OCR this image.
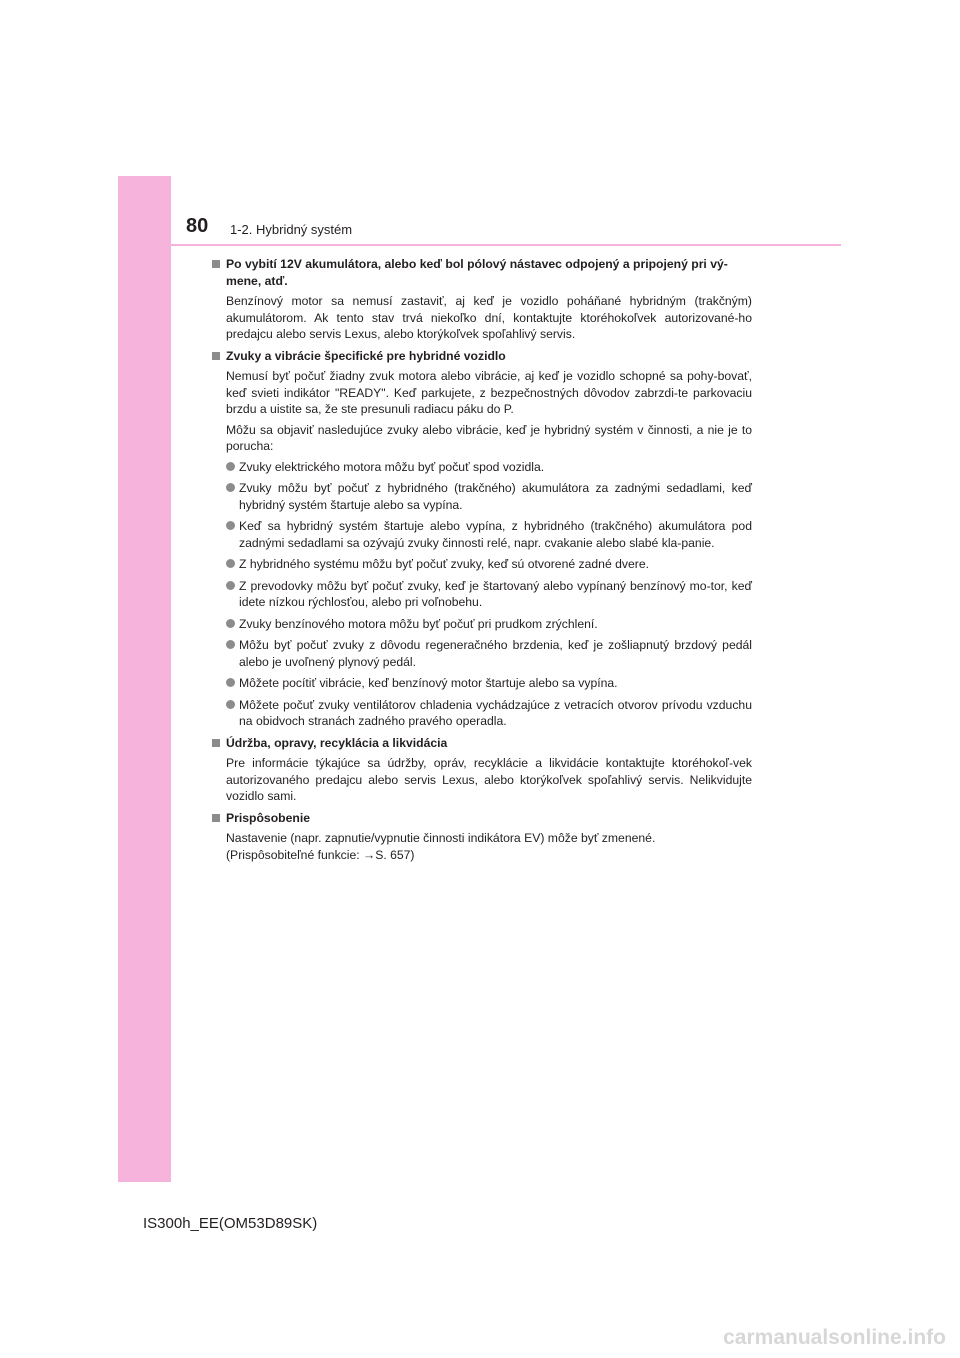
80 1-2. Hybridný systém
Po vybití 12V akumulátora, alebo keď bol pólový nástavec odpojený a pripojený pri vý-mene, atď.

Benzínový motor sa nemusí zastaviť, aj keď je vozidlo poháňané hybridným (trakčným) akumulátorom. Ak tento stav trvá niekoľko dní, kontaktujte ktoréhokoľvek autorizované-ho predajcu alebo servis Lexus, alebo ktorýkoľvek spoľahlivý servis.

Zvuky a vibrácie špecifické pre hybridné vozidlo

Nemusí byť počuť žiadny zvuk motora alebo vibrácie, aj keď je vozidlo schopné sa pohy-bovať, keď svieti indikátor "READY". Keď parkujete, z bezpečnostných dôvodov zabrzdi-te parkovaciu brzdu a uistite sa, že ste presunuli radiacu páku do P.

Môžu sa objaviť nasledujúce zvuky alebo vibrácie, keď je hybridný systém v činnosti, a nie je to porucha:

Zvuky elektrického motora môžu byť počuť spod vozidla.
Zvuky môžu byť počuť z hybridného (trakčného) akumulátora za zadnými sedadlami, keď hybridný systém štartuje alebo sa vypína.
Keď sa hybridný systém štartuje alebo vypína, z hybridného (trakčného) akumulátora pod zadnými sedadlami sa ozývajú zvuky činnosti relé, napr. cvakanie alebo slabé kla-panie.
Z hybridného systému môžu byť počuť zvuky, keď sú otvorené zadné dvere.
Z prevodovky môžu byť počuť zvuky, keď je štartovaný alebo vypínaný benzínový mo-tor, keď idete nízkou rýchlosťou, alebo pri voľnobehu.
Zvuky benzínového motora môžu byť počuť pri prudkom zrýchlení.
Môžu byť počuť zvuky z dôvodu regeneračného brzdenia, keď je zošliapnutý brzdový pedál alebo je uvoľnený plynový pedál.
Môžete pocítiť vibrácie, keď benzínový motor štartuje alebo sa vypína.
Môžete počuť zvuky ventilátorov chladenia vychádzajúce z vetracích otvorov prívodu vzduchu na obidvoch stranách zadného pravého operadla.
Údržba, opravy, recyklácia a likvidácia

Pre informácie týkajúce sa údržby, opráv, recyklácie a likvidácie kontaktujte ktoréhokoľ-vek autorizovaného predajcu alebo servis Lexus, alebo ktorýkoľvek spoľahlivý servis. Nelikvidujte vozidlo sami.

Prispôsobenie

Nastavenie (napr. zapnutie/vypnutie činnosti indikátora EV) môže byť zmenené.

(Prispôsobiteľné funkcie: →S. 657)

IS300h_EE(OM53D89SK)
carmanualsonline.info
